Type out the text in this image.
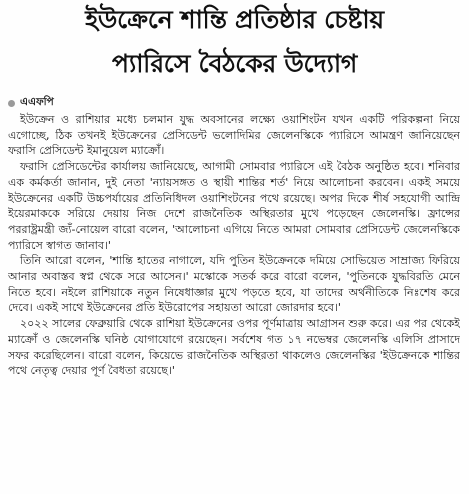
ইউক্রেনে শান্তি প্রতিষ্ঠার চেষ্টায়
প্যারিসে বৈঠকের উদ্যোগ
এএফপি

ইউক্রেন ও রাশিয়ার মধ্যে চলমান যুদ্ধ অবসানের লক্ষ্যে ওয়াশিংটন যখন একটি পরিকল্পনা নিয়ে এগোচ্ছে, ঠিক তখনই ইউক্রেনের প্রেসিডেন্ট ভলোদিমির জেলেনস্কিকে প্যারিসে আমন্ত্রণ জানিয়েছেন ফরাসি প্রেসিডেন্ট ইমানুয়েল ম্যাক্রোঁ।

ফরাসি প্রেসিডেন্টের কার্যালয় জানিয়েছে, আগামী সোমবার প্যারিসে এই বৈঠক অনুষ্ঠিত হবে। শনিবার এক কর্মকর্তা জানান, দুই নেতা 'ন্যায়সঙ্গত ও স্থায়ী শান্তির শর্ত' নিয়ে আলোচনা করবেন। একই সময়ে ইউক্রেনের একটি উচ্চপর্যায়ের প্রতিনিধিদল ওয়াশিংটনের পথে রয়েছে। অপর দিকে শীর্ষ সহযোগী আন্দ্রি ইয়েরমাককে সরিয়ে দেয়ায় নিজ দেশে রাজনৈতিক অস্থিরতার মুখে পড়েছেন জেলেনস্কি। ফ্রান্সের পররাষ্ট্রমন্ত্রী জ্যঁ-নোয়েল বারো বলেন, 'আলোচনা এগিয়ে নিতে আমরা সোমবার প্রেসিডেন্ট জেলেনস্কিকে প্যারিসে স্বাগত জানাব।'

তিনি আরো বলেন, 'শান্তি হাতের নাগালে, যদি পুতিন ইউক্রেনকে দমিয়ে সোভিয়েত সাম্রাজ্য ফিরিয়ে আনার অবাস্তব স্বপ্ন থেকে সরে আসেন।' মস্কোকে সতর্ক করে বারো বলেন, 'পুতিনকে যুদ্ধবিরতি মেনে নিতে হবে। নইলে রাশিয়াকে নতুন নিষেধাজ্ঞার মুখে পড়তে হবে, যা তাদের অর্থনীতিকে নিঃশেষ করে দেবে। একই সাথে ইউক্রেনের প্রতি ইউরোপের সহায়তা আরো জোরদার হবে।'

২০২২ সালের ফেব্রুয়ারি থেকে রাশিয়া ইউক্রেনের ওপর পূর্ণমাত্রায় আগ্রাসন শুরু করে। এর পর থেকেই ম্যাক্রোঁ ও জেলেনস্কি ঘনিষ্ঠ যোগাযোগে রয়েছেন। সর্বশেষ গত ১৭ নভেম্বর জেলেনস্কি এলিসি প্রাসাদে সফর করেছিলেন। বারো বলেন, কিয়েভে রাজনৈতিক অস্থিরতা থাকলেও জেলেনস্কির 'ইউক্রেনকে শান্তির পথে নেতৃত্ব দেয়ার পূর্ণ বৈধতা রয়েছে।'
